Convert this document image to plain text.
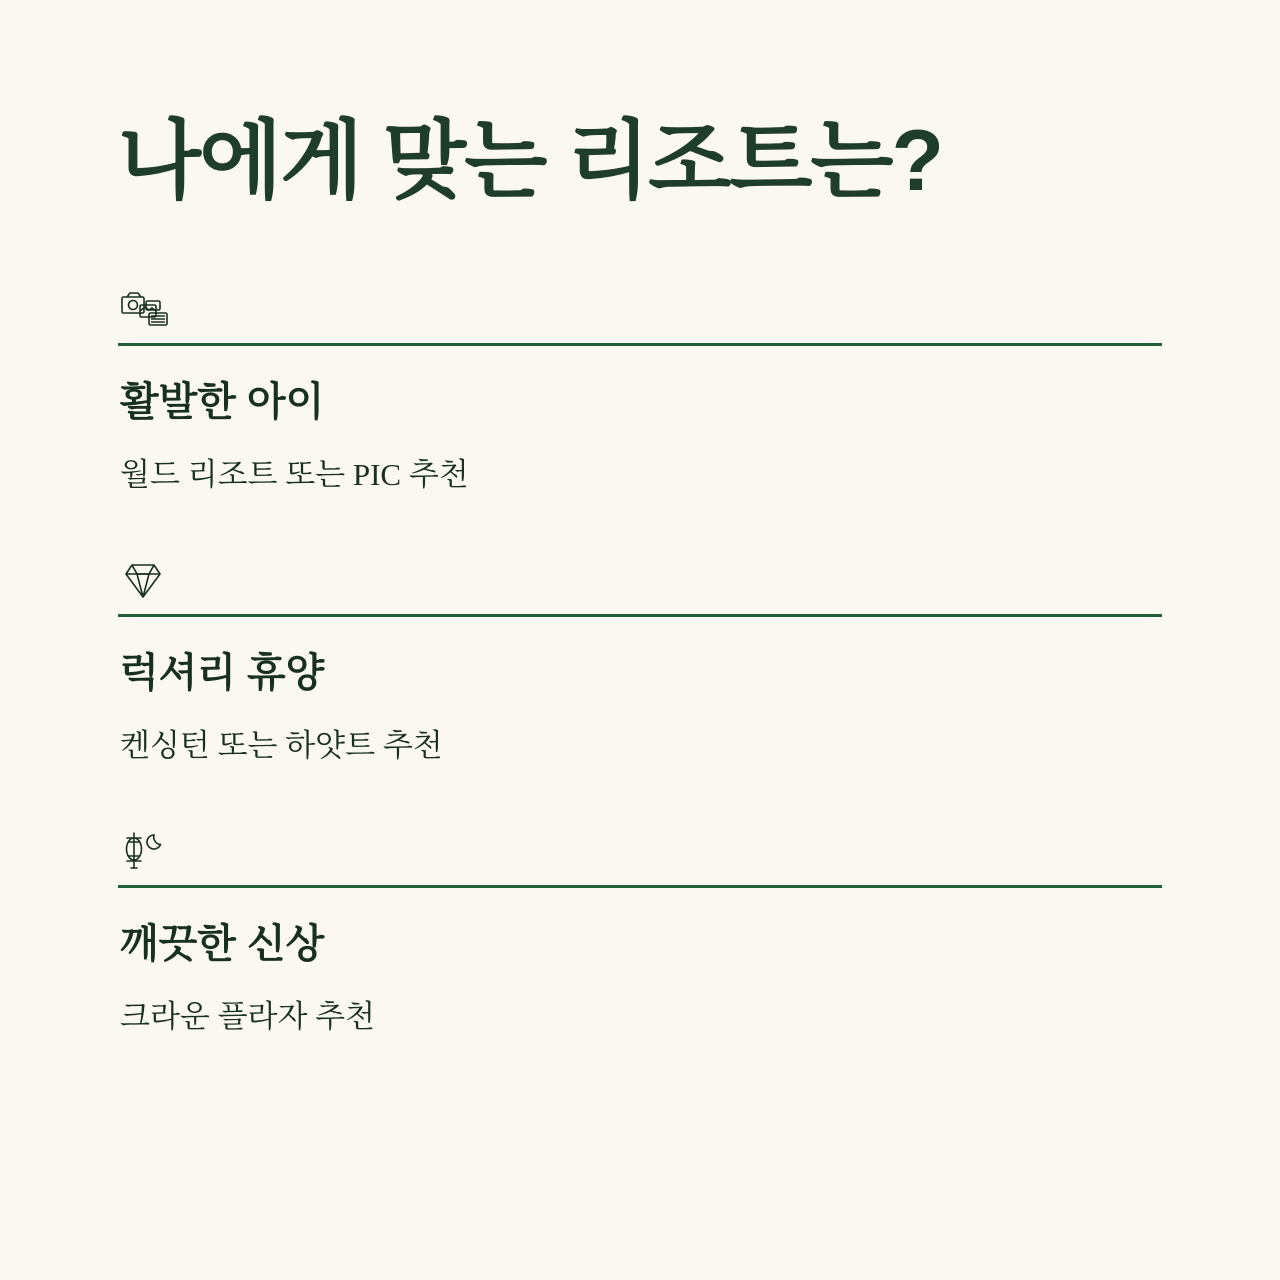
나에게 맞는 리조트는?
활발한 아이

월드 리조트 또는 PIC 추천

럭셔리 휴양

켄싱턴 또는 하얏트 추천

깨끗한 신상

크라운 플라자 추천
